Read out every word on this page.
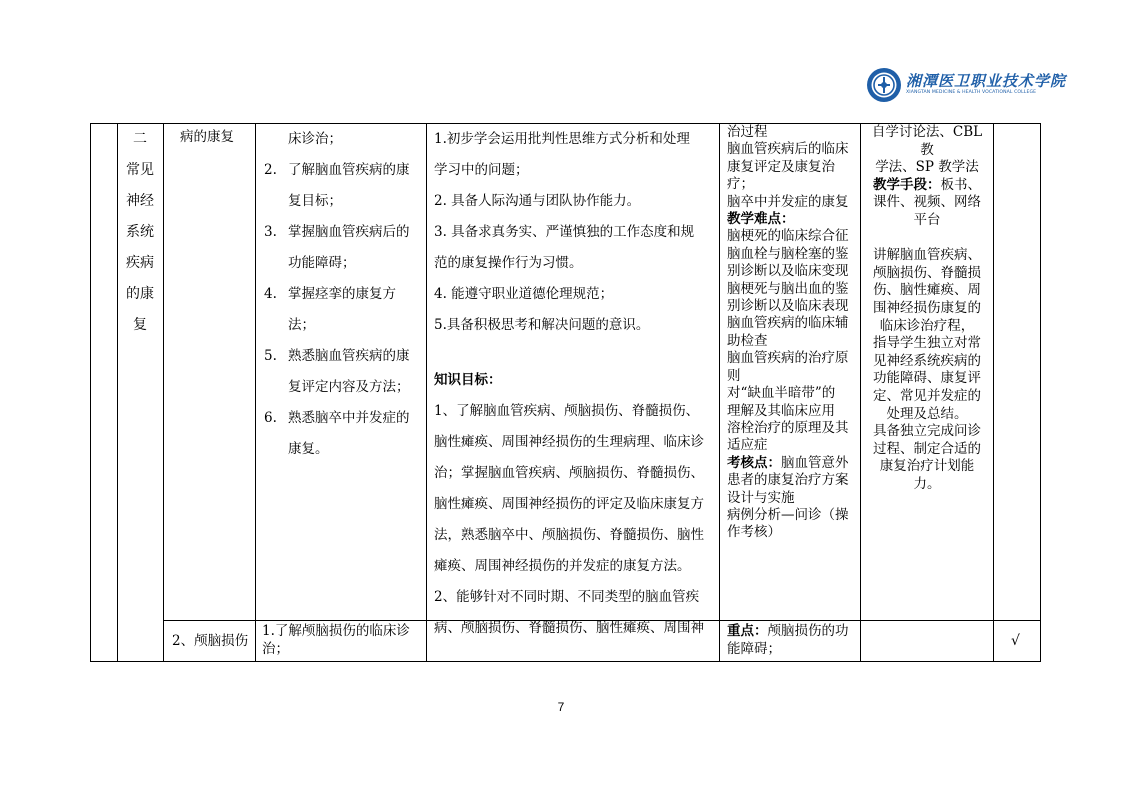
湘潭医卫职业技术学院
XIANGTAN MEDICINE & HEALTH VOCATIONAL COLLEGE
二
常见
神经
系统
疾病
的康
复
病的康复
2、颅脑损伤
床诊治；
2. 了解脑血管疾病的康复目标；
3. 掌握脑血管疾病后的功能障碍；
4. 掌握痉挛的康复方法；
5. 熟悉脑血管疾病的康复评定内容及方法；
6. 熟悉脑卒中并发症的康复。
1.了解颅脑损伤的临床诊
治；

1.初步学会运用批判性思维方式分析和处理

学习中的问题；

2. 具备人际沟通与团队协作能力。

3. 具备求真务实、严谨慎独的工作态度和规

范的康复操作行为习惯。

4. 能遵守职业道德伦理规范；

5.具备积极思考和解决问题的意识。

知识目标：

1、了解脑血管疾病、颅脑损伤、脊髓损伤、

脑性瘫痪、周围神经损伤的生理病理、临床诊

治；掌握脑血管疾病、颅脑损伤、脊髓损伤、

脑性瘫痪、周围神经损伤的评定及临床康复方

法，熟悉脑卒中、颅脑损伤、脊髓损伤、脑性

瘫痪、周围神经损伤的并发症的康复方法。

2、能够针对不同时期、不同类型的脑血管疾

病、颅脑损伤、脊髓损伤、脑性瘫痪、周围神

治过程

脑血管疾病后的临床

康复评定及康复治

疗；

脑卒中并发症的康复

教学难点：

脑梗死的临床综合征

脑血栓与脑栓塞的鉴

别诊断以及临床变现

脑梗死与脑出血的鉴

别诊断以及临床表现

脑血管疾病的临床辅

助检查

脑血管疾病的治疗原

则

对“缺血半暗带”的

理解及其临床应用

溶栓治疗的原理及其

适应症

考核点：脑血管意外

患者的康复治疗方案

设计与实施

病例分析—问诊（操

作考核）

重点：颅脑损伤的功
能障碍；

自学讨论法、CBL 教

学法、SP 教学法

教学手段：板书、

课件、视频、网络

平台

讲解脑血管疾病、

颅脑损伤、脊髓损

伤、脑性瘫痪、周

围神经损伤康复的

临床诊治疗程，

指导学生独立对常

见神经系统疾病的

功能障碍、康复评

定、常见并发症的

处理及总结。

具备独立完成问诊

过程、制定合适的

康复治疗计划能

力。

√
7
